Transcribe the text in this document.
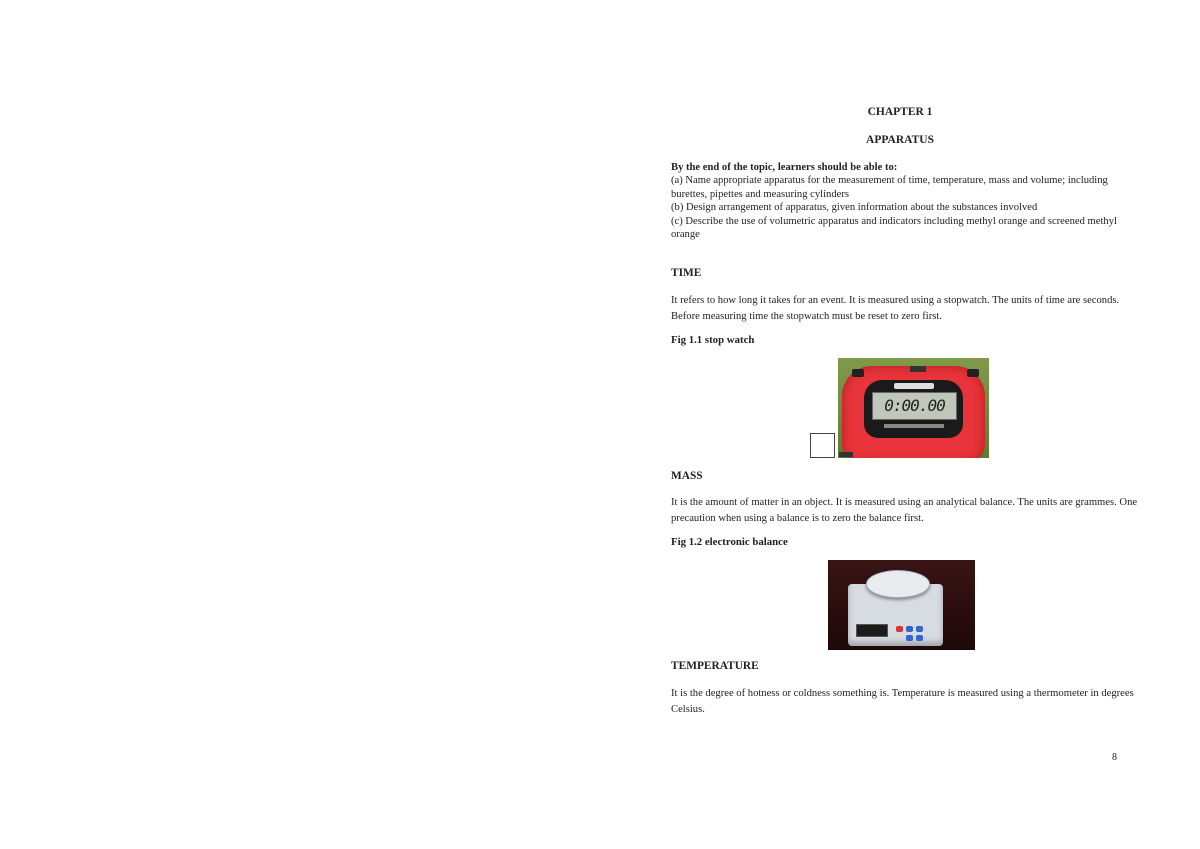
CHAPTER 1
APPARATUS
By the end of the topic, learners should be able to:
(a) Name appropriate apparatus for the measurement of time, temperature, mass and volume; including burettes, pipettes and measuring cylinders
(b) Design arrangement of apparatus, given information about the substances involved
(c) Describe the use of volumetric apparatus and indicators including methyl orange and screened methyl orange
TIME
It refers to how long it takes for an event. It is measured using a stopwatch. The units of time are seconds. Before measuring time the stopwatch must be reset to zero first.
Fig 1.1 stop watch
0:00.00
MASS
It is the amount of matter in an object. It is measured using an analytical balance. The units are grammes. One precaution when using a balance is to zero the balance first.
Fig 1.2 electronic balance
TEMPERATURE
It is the degree of hotness or coldness something is. Temperature is measured using a thermometer in degrees Celsius.
8
